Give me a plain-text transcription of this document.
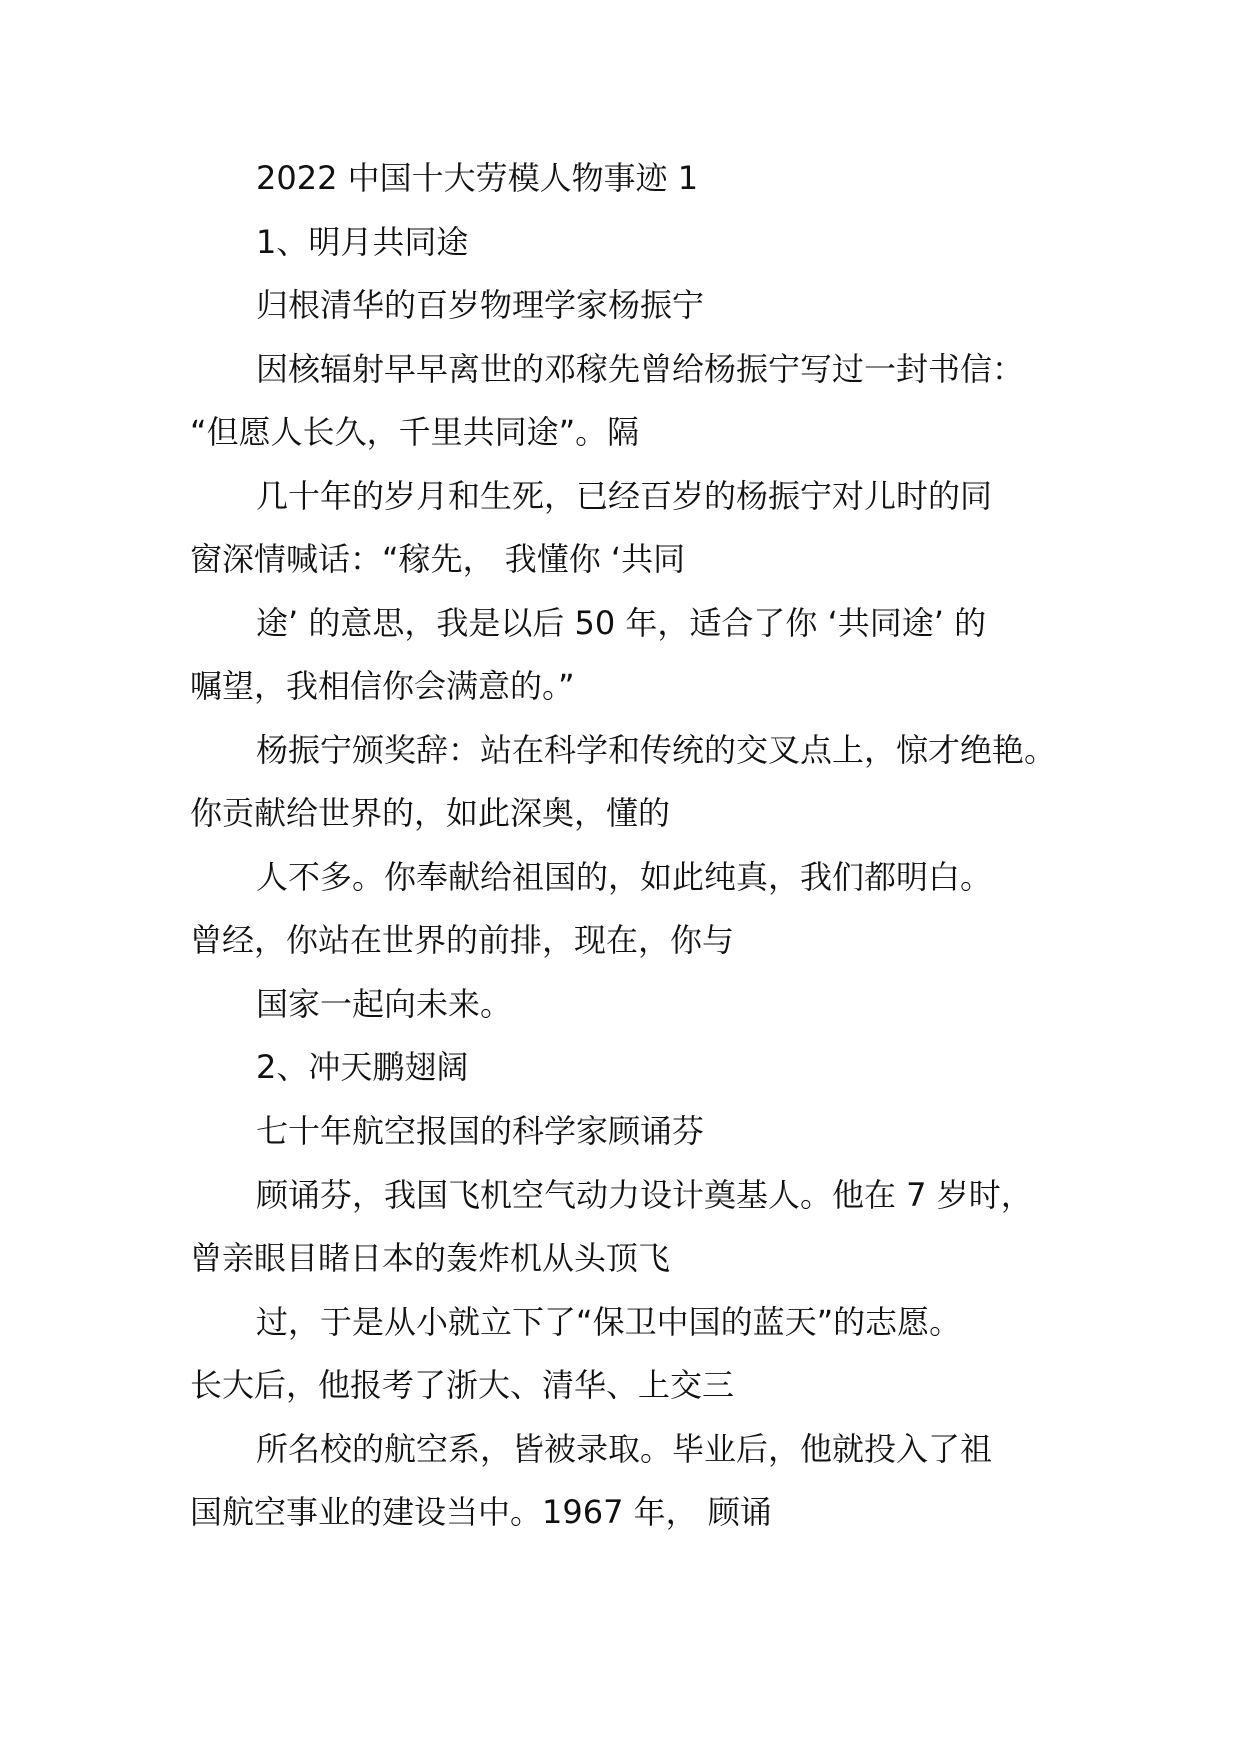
2022 中国十大劳模人物事迹 1
1、明月共同途
归根清华的百岁物理学家杨振宁
因核辐射早早离世的邓稼先曾给杨振宁写过一封书信：
“但愿人长久，千里共同途”。隔
几十年的岁月和生死，已经百岁的杨振宁对儿时的同
窗深情喊话：“稼先， 我懂你 ‘共同
途’ 的意思，我是以后 50 年，适合了你 ‘共同途’ 的
嘱望，我相信你会满意的。”
杨振宁颁奖辞：站在科学和传统的交叉点上，惊才绝艳。
你贡献给世界的，如此深奥，懂的
人不多。你奉献给祖国的，如此纯真，我们都明白。
曾经，你站在世界的前排，现在，你与
国家一起向未来。
2、冲天鹏翅阔
七十年航空报国的科学家顾诵芬
顾诵芬，我国飞机空气动力设计奠基人。他在 7 岁时，
曾亲眼目睹日本的轰炸机从头顶飞
过，于是从小就立下了“保卫中国的蓝天”的志愿。
长大后，他报考了浙大、清华、上交三
所名校的航空系，皆被录取。毕业后，他就投入了祖
国航空事业的建设当中。1967 年， 顾诵
